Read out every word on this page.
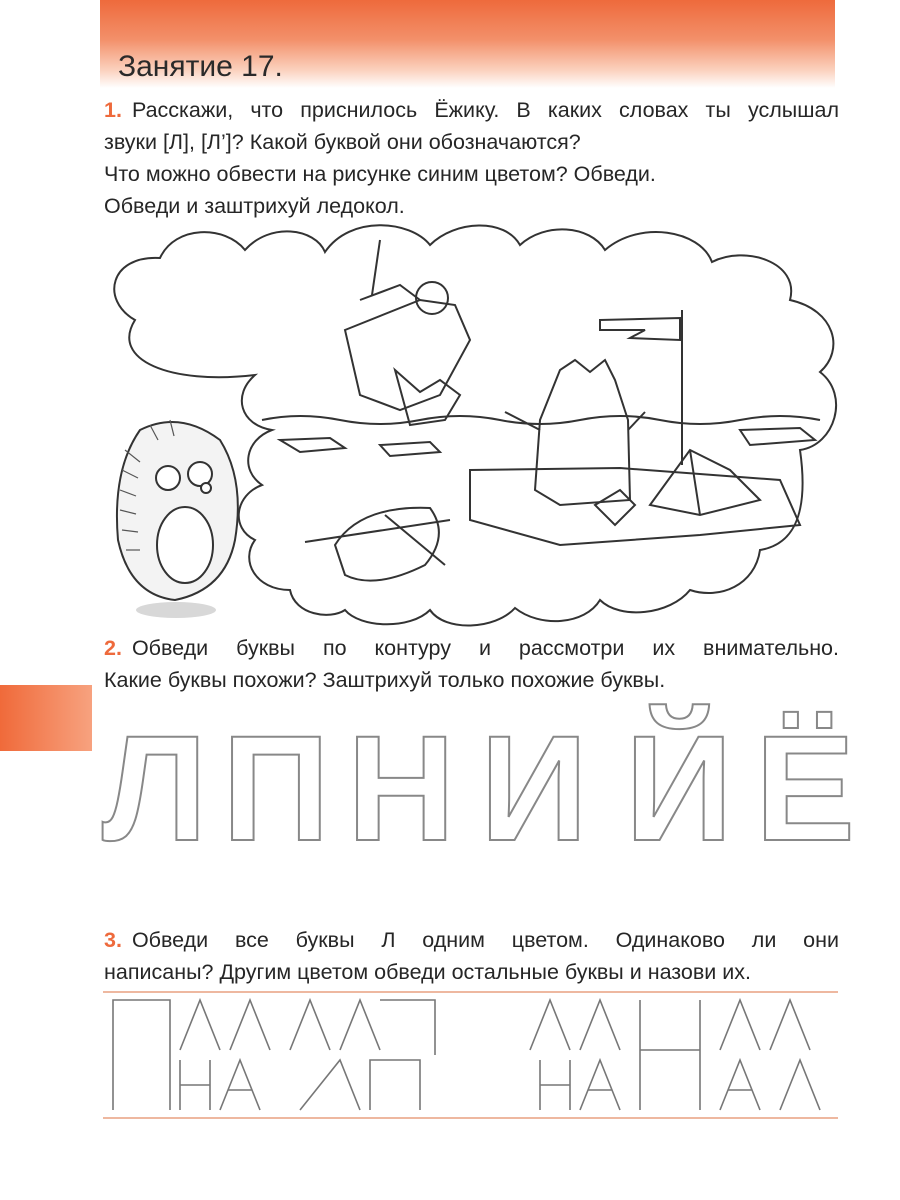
Занятие 17.

1. Расскажи, что приснилось Ёжику. В каких словах ты услышал

звуки [Л], [Л’]? Какой буквой они обозначаются?

Что можно обвести на рисунке синим цветом? Обведи.

Обведи и заштрихуй ледокол.

2. Обведи буквы по контуру и рассмотри их внимательно.

Какие буквы похожи? Заштрихуй только похожие буквы.

Л П Н И Й Ё

3. Обведи все буквы Л одним цветом. Одинаково ли они

написаны? Другим цветом обведи остальные буквы и назови их.
